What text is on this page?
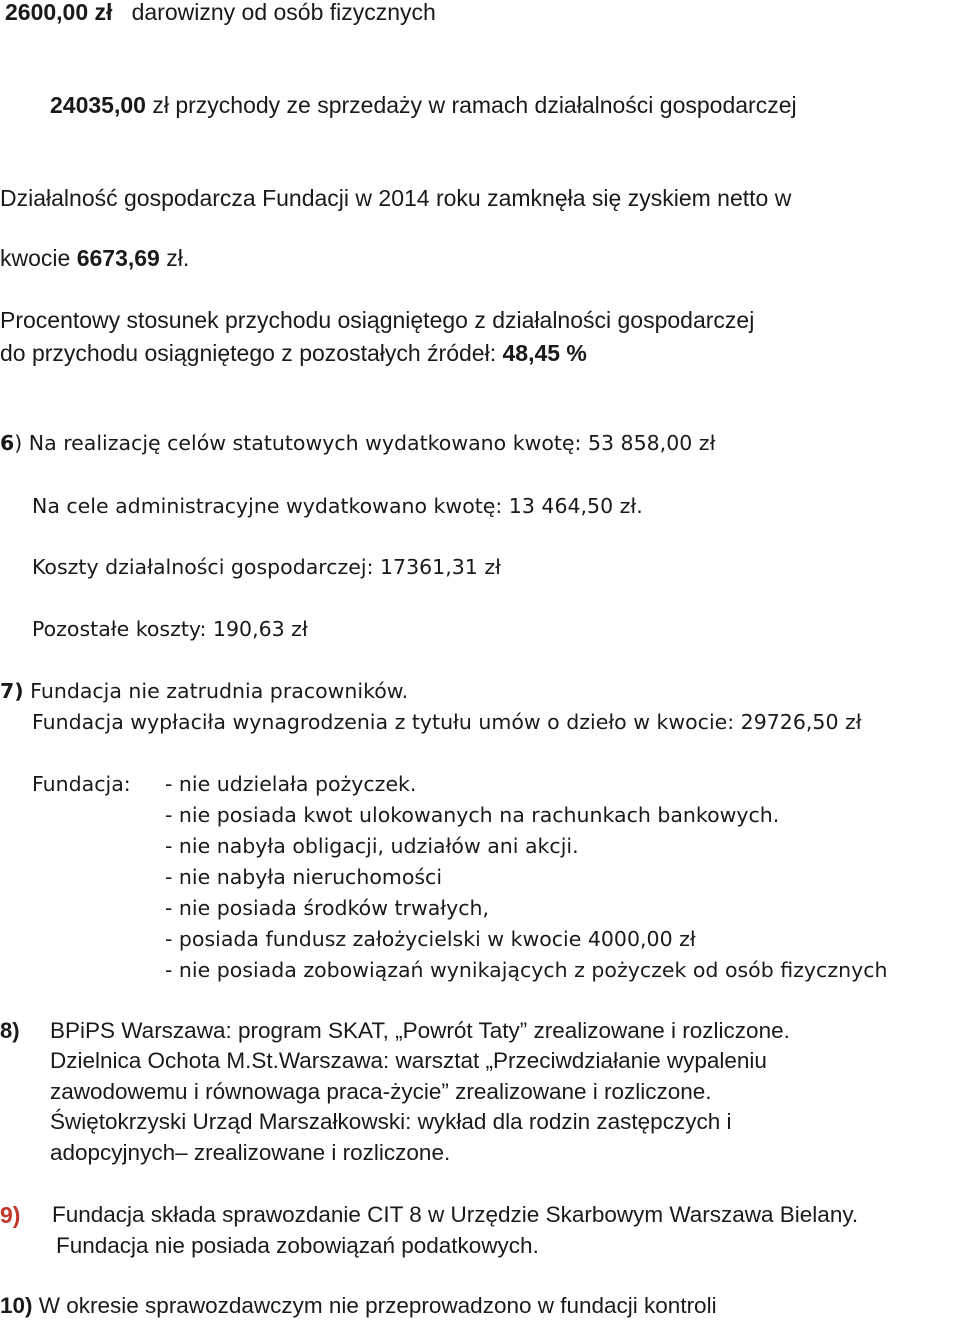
2600,00 zł darowizny od osób fizycznych
24035,00 zł przychody ze sprzedaży w ramach działalności gospodarczej
Działalność gospodarcza Fundacji w 2014 roku zamknęła się zyskiem netto w
kwocie 6673,69 zł.
Procentowy stosunek przychodu osiągniętego z działalności gospodarczej
do przychodu osiągniętego z pozostałych źródeł: 48,45 %
6) Na realizację celów statutowych wydatkowano kwotę: 53 858,00 zł
Na cele administracyjne wydatkowano kwotę: 13 464,50 zł.
Koszty działalności gospodarczej: 17361,31 zł
Pozostałe koszty: 190,63 zł
7) Fundacja nie zatrudnia pracowników.
Fundacja wypłaciła wynagrodzenia z tytułu umów o dzieło w kwocie: 29726,50 zł
Fundacja: - nie udzielała pożyczek.
- nie posiada kwot ulokowanych na rachunkach bankowych.
- nie nabyła obligacji, udziałów ani akcji.
- nie nabyła nieruchomości
- nie posiada środków trwałych,
- posiada fundusz założycielski w kwocie 4000,00 zł
- nie posiada zobowiązań wynikających z pożyczek od osób fizycznych
8) BPiPS Warszawa: program SKAT, „Powrót Taty” zrealizowane i rozliczone.
Dzielnica Ochota M.St.Warszawa: warsztat „Przeciwdziałanie wypaleniu
zawodowemu i równowaga praca-życie” zrealizowane i rozliczone.
Świętokrzyski Urząd Marszałkowski: wykład dla rodzin zastępczych i
adopcyjnych– zrealizowane i rozliczone.
9) Fundacja składa sprawozdanie CIT 8 w Urzędzie Skarbowym Warszawa Bielany.
Fundacja nie posiada zobowiązań podatkowych.
10) W okresie sprawozdawczym nie przeprowadzono w fundacji kontroli
